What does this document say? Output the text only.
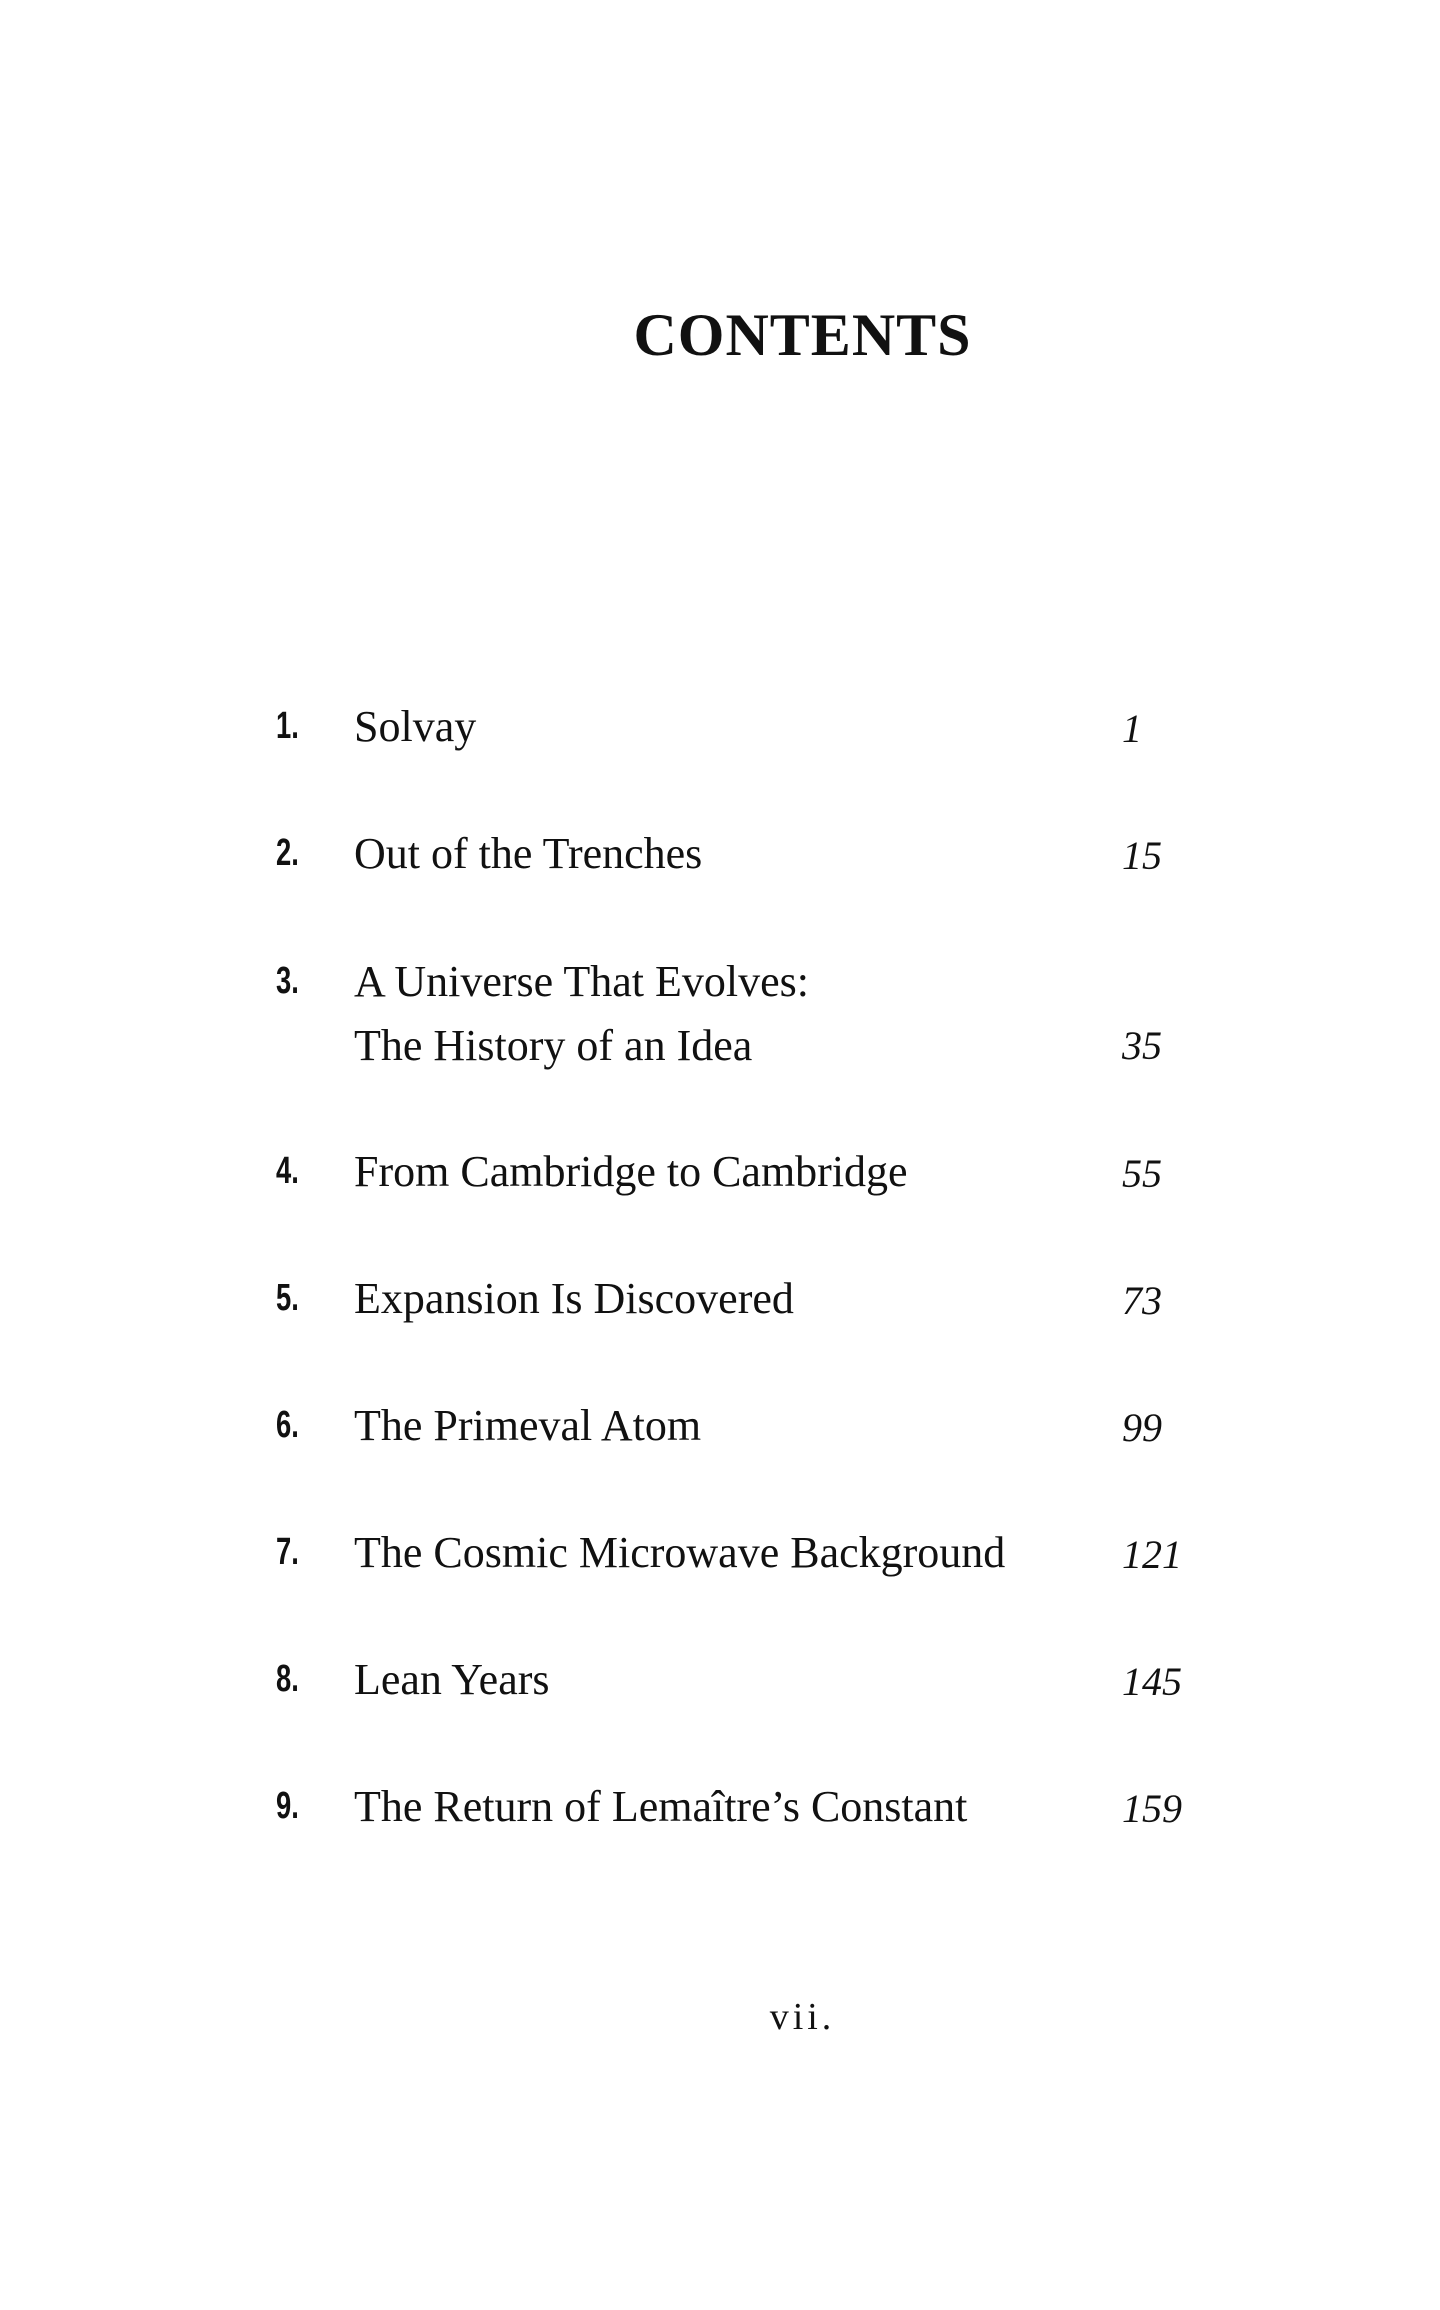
CONTENTS
1. Solvay	1
2. Out of the Trenches	15
3. A Universe That Evolves:
The History of an Idea	35
4. From Cambridge to Cambridge	55
5. Expansion Is Discovered	73
6. The Primeval Atom	99
7. The Cosmic Microwave Background	121
8. Lean Years	145
9. The Return of Lemaître’s Constant	159
vii.
